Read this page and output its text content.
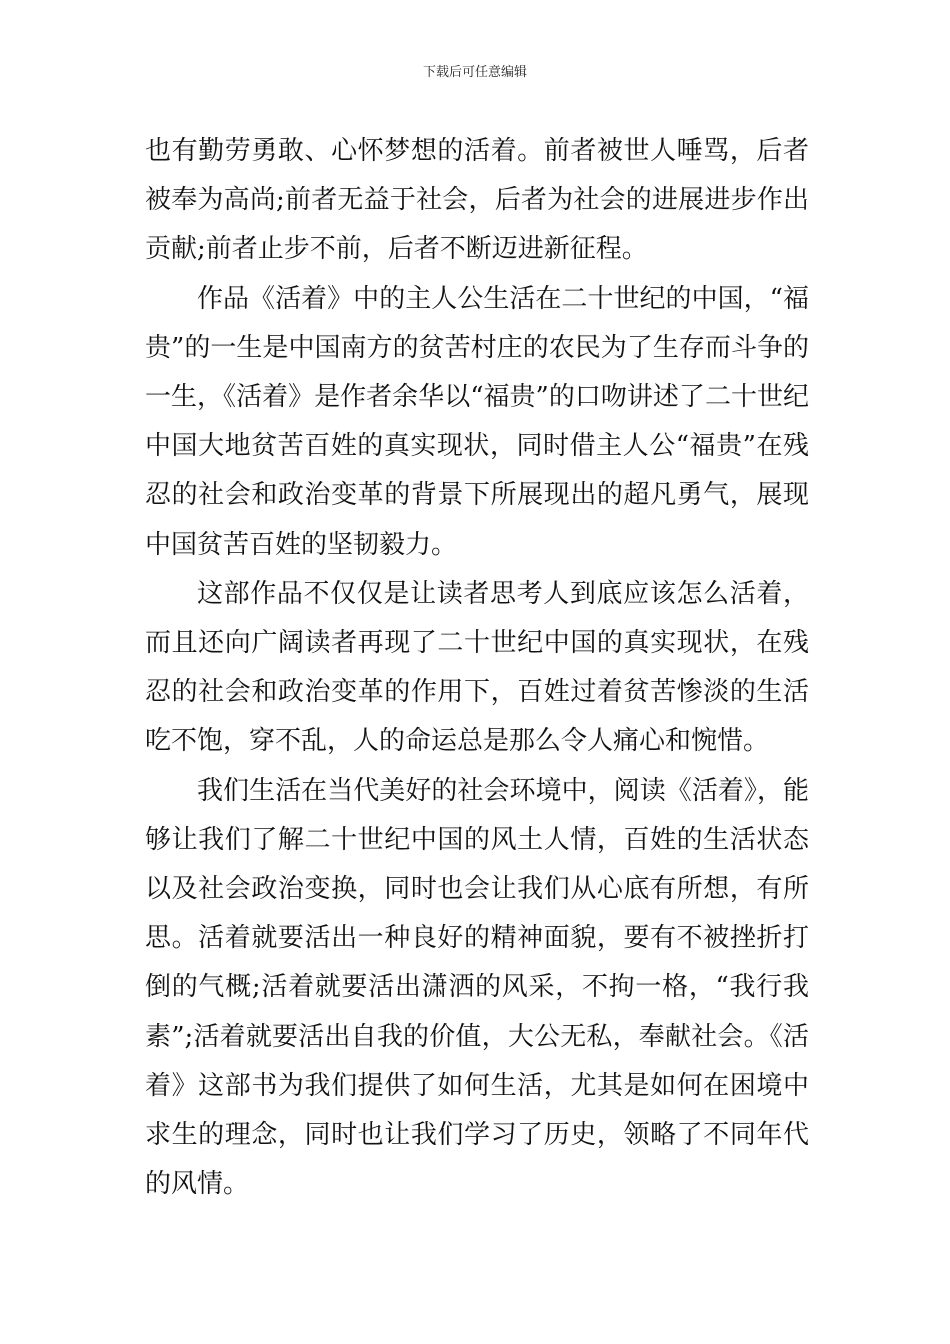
下载后可任意编辑

也有勤劳勇敢、心怀梦想的活着。前者被世人唾骂，后者被奉为高尚;前者无益于社会，后者为社会的进展进步作出贡献;前者止步不前，后者不断迈进新征程。

作品《活着》中的主人公生活在二十世纪的中国，“福贵”的一生是中国南方的贫苦村庄的农民为了生存而斗争的一生，《活着》是作者余华以“福贵”的口吻讲述了二十世纪中国大地贫苦百姓的真实现状，同时借主人公“福贵”在残忍的社会和政治变革的背景下所展现出的超凡勇气，展现中国贫苦百姓的坚韧毅力。

这部作品不仅仅是让读者思考人到底应该怎么活着，而且还向广阔读者再现了二十世纪中国的真实现状，在残忍的社会和政治变革的作用下，百姓过着贫苦惨淡的生活吃不饱，穿不乱，人的命运总是那么令人痛心和惋惜。

我们生活在当代美好的社会环境中，阅读《活着》，能够让我们了解二十世纪中国的风土人情，百姓的生活状态以及社会政治变换，同时也会让我们从心底有所想，有所思。活着就要活出一种良好的精神面貌，要有不被挫折打倒的气概;活着就要活出潇洒的风采，不拘一格，“我行我素”;活着就要活出自我的价值，大公无私，奉献社会。《活着》这部书为我们提供了如何生活，尤其是如何在困境中求生的理念，同时也让我们学习了历史，领略了不同年代的风情。
